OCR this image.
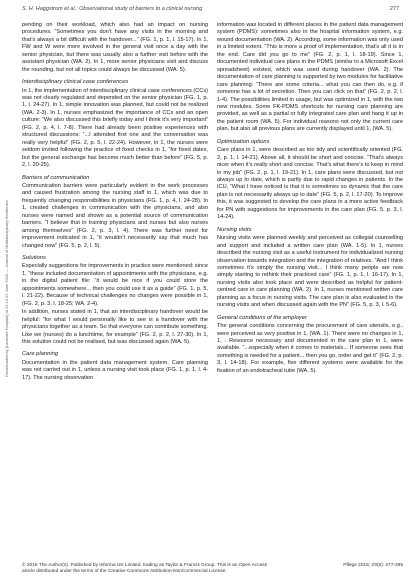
Downloaded by [Laureate Hospital] at 12:14 22 June 2016 — Journal of Multidisciplinary Healthcare
S. H. Haggstrom et al.: Observational study of barriers to a clinical nursing	277

pending on their workload, which also had an impact on nursing procedures. “Sometimes you don’t have any visits in the morning and that’s always a bit difficult with the handover...” (FG. 1, p. 1, l. 15-17). In 1, FW and W were more involved in the general visit once a day with the senior physician, but there was usually also a further visit before with the assistant physician (WA. 2). In 1, more senior physicians visit and discuss the rounding, but not all topics could always be discussed (WA. 5).

Interdisciplinary clinical case conferences

In 1, the implementation of interdisciplinary clinical case conferences (CCs) was not clearly regulated and depended on the senior physician (FG. 1, p. 1, l. 24-27). In 1, simple innovation was planned, but could not be realized (WA. 2-3). In 1, nurses emphasized the importance of CCs and an open culture: “We also discussed this briefly today and I think it’s very important” (FG. 2, p. 4, l. 7-8). There had already been positive experiences with structured discussions: “...I attended first one and the conversation was really very helpful” (FG. 2, p. 5, l. 22-24). However, in 1, the nurses were seldom invited following the practice of fixed checks in 1, “for fixed dates, but the general exchange has become much better than before” (FG. 5, p. 2, l. 20-25).

Barriers of communication

Communication barriers were particularly evident in the work processes and caused frustration among the nursing staff in 1, which was due to frequently changing responsibilities in physicians (FG. 1, p. 4, l. 24-28). In 1, created challenges in communication with the physicians, and also nurses were named and shown as a potential source of communication barriers. “I believe that in training physicians and nurses but also nurses among themselves” (FG. 2, p. 3, l. 4). There was further need for improvement indicated in 1, “it wouldn’t necessarily say that much has changed now” (FG. 5, p. 2, l. 5).

Solutions

Especially suggestions for improvements in practice were mentioned: since 1, “these included documentation of appointments with the physicians, e.g. in the digital patient file: “it would be nice if you could store the appointments somewhere... then you could use it as a guide” (FG. 1, p. 5, l. 21-22). Because of technical challenges no changes were possible in 1, (FG. 2, p. 3, l. 18-25; WA. 2-4).

In addition, nurses stated in 1, that an interdisciplinary handover would be helpful: “for what I would personally like to see is a handover with the physicians together as a team. So that everyone can contribute something. Like we (nurses) do a lunchtime, for example” (FG. 2, p. 2, l. 27-30). In 1, this solution could not be realised, but was discussed again (WA. 5).

Care planning

Documentation in the patient data management system. Care planning was not carried out in 1, unless a nursing visit took place (FG. 1, p. 1, l. 4-17). The nursing observation

information was located in different places in the patient data management system (PDMS): sometimes also in the hospital information system, e.g. wound documentation (WA. 2). According, some information was only used in a limited extent. “This is more a proof of implementation, that’s all it is in the end. Care did you go to me” (FG. 2, p. 1, l. 18-19). Since 1, documented individual care plans in the PDMS (similar to a Microsoft Excel spreadsheet) existed, which was used during handover (WA. 2). The documentation of care planning is supported by two modules for facilitative care planning: “There are some criteria... what you can then do, e.g. if someone has a lot of secretion. Then you can click on that” (FG. 2, p. 2, l. 1-4). The possibilities limited in usage, but was optimized in 1, with the two new modules. Some FK-PDMS shortcuts for nursing care planning are provided, as well as a partial or fully integrated care plan and hang it up in the patient room (WA. 5). For individual reasons not only the current care plan, but also all previous plans are currently displayed until 1, (WA. 5).

Optimization options

Care plans in 1, were described as too tidy and scientifically oriented (FG. 2, p. 1, l. 14-21). Above all, it should be short and concise. “That’s always nicer when it’s really short and concise. That’s what there’s to keep in mind in my job” (FG. 2, p. 1, l. 19-21). In 1, care plans were discussed, but not always up to date, which is partly due to rapid changes in patients. In the ICU, “What I have noticed is that it is sometimes so dynamic that the care plan is not necessarily always up to date” (FG. 5, p. 2, l. 17-20). To improve this, it was suggested to develop the care plans in a more active feedback for PN with suggestions for improvements in the care plan (FG. 5, p. 3, l. 14-24).

Nursing visits

Nursing visits were planned weekly and perceived as collegial counselling and support and included a written care plan (WA. 1-5). In 1, nurses described the nursing visit as a useful instrument for individualized nursing observation towards integration and the integration of relatives. “And I think sometimes it’s simply the nursing visit... I think many people are now simply starting to rethink their practiced care” (FG. 1, p. 1, l. 16-17). In 1, nursing visits also took place and were described as helpful for patient-centred care in care planning (WA. 2). In 1, nurses mentioned written care planning as a focus in nursing visits. The care plan is also evaluated in the nursing visits and when discussed again with the PN” (FG. 5, p. 3, l. 5-6).

General conditions of the employer

The general conditions concerning the procurement of care utensils, e.g., were perceived as very positive in 1, (WA. 1). There were no changes in 1, 1, . Resource necessary and documented in the care plan in 1, were available. “...especially when it comes to materials... If someone sees that something is needed for a patient... then you go, order and get it” (FG. 2, p. 3, l. 14-18). For example, five different systems were available for the fixation of an endotracheal tube (WA. 5).

© 2016 The Author(s). Published by Informa UK Limited, trading as Taylor & Francis Group. This is an Open Access article distributed under the terms of the Creative Commons Attribution-NonCommercial License.
Pflege 2016; 29(5): 277-285
